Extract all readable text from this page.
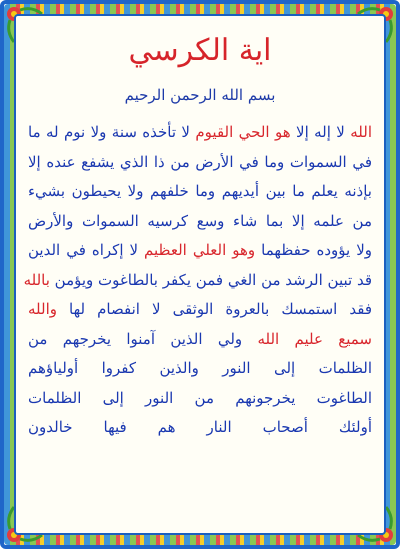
اية الكرسي
بسم الله الرحمن الرحيم
الله لا إله إلا هو الحي القيوم لا تأخذه سنة ولا نوم له ما
في السموات وما في الأرض من ذا الذي يشفع عنده إلا
بإذنه يعلم ما بين أيديهم وما خلفهم ولا يحيطون بشيء
من علمه إلا بما شاء وسع كرسيه السموات والأرض
ولا يؤوده حفظهما وهو العلي العظيم لا إكراه في الدين
قد تبين الرشد من الغي فمن يكفر بالطاغوت ويؤمن بالله
فقد استمسك بالعروة الوثقى لا انفصام لها والله
سميع عليم الله ولي الذين آمنوا يخرجهم من
الظلمات إلى النور والذين كفروا أولياؤهم
الطاغوت يخرجونهم من النور إلى الظلمات
أولئك أصحاب النار هم فيها خالدون
